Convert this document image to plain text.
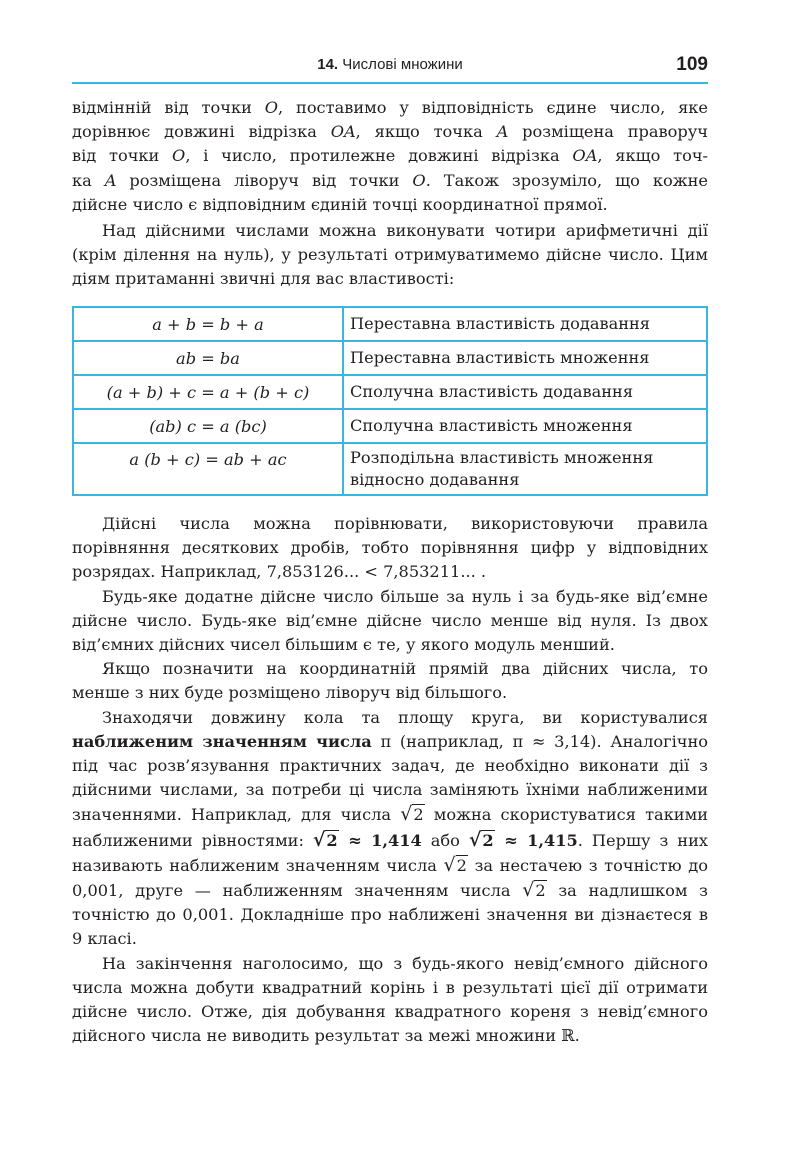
14. Числові множини	109

відмінній від точки O, поставимо у відповідність єдине число, яке

дорівнює довжині відрізка OA, якщо точка A розміщена праворуч

від точки O, і число, протилежне довжині відрізка OA, якщо точ-

ка A розміщена ліворуч від точки O. Також зрозуміло, що кожне

дійсне число є відповідним єдиній точці координатної прямої.

Над дійсними числами можна виконувати чотири арифметичні дії (крім ділення на нуль), у результаті отримуватимемо дійсне число. Цим діям притаманні звичні для вас властивості:

a + b = b + a	Переставна властивість додавання
ab = ba	Переставна властивість множення
(a + b) + c = a + (b + c)	Сполучна властивість додавання
(ab) c = a (bc)	Сполучна властивість множення
a (b + c) = ab + ac	Розподільна властивість множення відносно додавання

Дійсні числа можна порівнювати, використовуючи правила порівняння десяткових дробів, тобто порівняння цифр у відповідних розрядах. Наприклад, 7,853126... < 7,853211... .

Будь-яке додатне дійсне число більше за нуль і за будь-яке від’ємне дійсне число. Будь-яке від’ємне дійсне число менше від нуля. Із двох від’ємних дійсних чисел більшим є те, у якого модуль менший.

Якщо позначити на координатній прямій два дійсних числа, то менше з них буде розміщено ліворуч від більшого.

Знаходячи довжину кола та площу круга, ви користувалися наближеним значенням числа π (наприклад, π ≈ 3,14). Аналогічно під час розв’язування практичних задач, де необхідно виконати дії з дійсними числами, за потреби ці числа заміняють їхніми наближеними значеннями. Наприклад, для числа √2 можна скористуватися такими наближеними рівностями: √2 ≈ 1,414 або √2 ≈ 1,415. Першу з них називають наближеним значенням числа √2 за нестачею з точністю до 0,001, друге — наближенням значенням числа √2 за надлишком з точністю до 0,001. Докладніше про наближені значення ви дізнаєтеся в 9 класі.

На закінчення наголосимо, що з будь-якого невід’ємного дійсного числа можна добути квадратний корінь і в результаті цієї дії отримати дійсне число. Отже, дія добування квадратного кореня з невід’ємного дійсного числа не виводить результат за межі множини ℝ.
